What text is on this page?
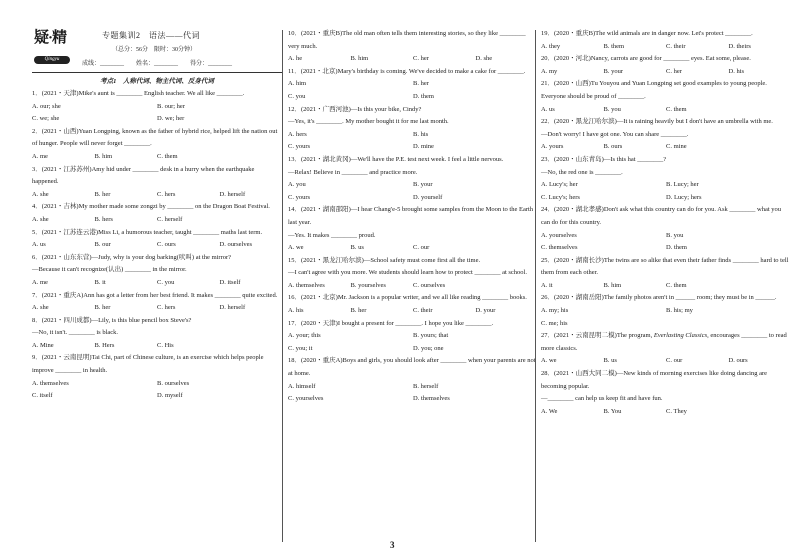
疑·精
Qingyu
专题集训2　语法——代词
（总分：56分　限时：30分钟）
成线：________　　姓名：________　　得分：________
考点1　人称代词、物主代词、反身代词
1．(2021・天津)Mike's aunt is ________ English teacher. We all like ________.
A. our; she	B. our; her
C. we; she	D. we; her
2．(2021・山西)Yuan Longping, known as the father of hybrid rice, helped lift the nation out of hunger. People will never forget ________.
A. me	B. him	C. them
3．(2021・江苏苏州)Amy hid under ________ desk in a hurry when the earthquake happened.
A. she	B. her	C. hers	D. herself
4．(2021・吉林)My mother made some zongzi by ________ on the Dragon Boat Festival.
A. she	B. hers	C. herself
5．(2021・江苏连云港)Miss Li, a humorous teacher, taught ________ maths last term.
A. us	B. our	C. ours	D. ourselves
6．(2021・山东东营)—Judy, why is your dog barking(吠叫) at the mirror?
—Because it can't recognize(认出) ________ in the mirror.
A. me	B. it	C. you	D. itself
7．(2021・重庆A)Ann has got a letter from her best friend. It makes ________ quite excited.
A. she	B. her	C. hers	D. herself
8．(2021・四川成都)—Lily, is this blue pencil box Steve's?
—No, it isn't. ________ is black.
A. Mine	B. Hers	C. His
9．(2021・云南昆明)Tai Chi, part of Chinese culture, is an exercise which helps people improve ________ in health.
A. themselves	B. ourselves
C. itself	D. myself
10．(2021・重庆B)The old man often tells them interesting stories, so they like ________ very much.
A. he	B. him	C. her	D. she
11．(2021・北京)Mary's birthday is coming. We've decided to make a cake for ________.
A. him	B. her
C. you	D. them
12．(2021・广西河池)—Is this your bike, Cindy?
—Yes, it's ________. My mother bought it for me last month.
A. hers	B. his
C. yours	D. mine
13．(2021・湖北黄冈)—We'll have the P.E. test next week. I feel a little nervous.
—Relax! Believe in ________ and practice more.
A. you	B. your
C. yours	D. yourself
14．(2021・湖南邵阳)—I hear Chang'e-5 brought some samples from the Moon to the Earth last year.
—Yes. It makes ________ proud.
A. we	B. us	C. our
15．(2021・黑龙江哈尔滨)—School safety must come first all the time.
—I can't agree with you more. We students should learn how to protect ________ at school.
A. themselves	B. yourselves	C. ourselves
16．(2021・北京)Mr. Jackson is a popular writer, and we all like reading ________ books.
A. his	B. her	C. their	D. your
17．(2020・天津)I bought a present for ________. I hope you like ________.
A. your; this	B. yours; that
C. you; it	D. you; one
18．(2020・重庆A)Boys and girls, you should look after ________ when your parents are not at home.
A. himself	B. herself
C. yourselves	D. themselves
19．(2020・重庆B)The wild animals are in danger now. Let's protect ________.
A. they	B. them	C. their	D. theirs
20．(2020・河北)Nancy, carrots are good for ________ eyes. Eat some, please.
A. my	B. your	C. her	D. his
21．(2020・山西)Tu Youyou and Yuan Longping set good examples to young people. Everyone should be proud of ________.
A. us	B. you	C. them
22．(2020・黑龙江哈尔滨)—It is raining heavily but I don't have an umbrella with me.
—Don't worry! I have got one. You can share ________.
A. yours	B. ours	C. mine
23．(2020・山东青岛)—Is this hat ________?
—No, the red one is ________.
A. Lucy's; her	B. Lucy; her
C. Lucy's; hers	D. Lucy; hers
24．(2020・湖北孝感)Don't ask what this country can do for you. Ask ________ what you can do for this country.
A. yourselves	B. you
C. themselves	D. them
25．(2020・湖南长沙)The twins are so alike that even their father finds ________ hard to tell them from each other.
A. it	B. him	C. them
26．(2020・湖南岳阳)The family photos aren't in ______ room; they must be in ______.
A. my; his	B. his; my
C. me; his
27．(2021・云南昆明二模)The program, Everlasting Classics, encourages ________ to read more classics.
A. we	B. us	C. our	D. ours
28．(2021・山西大同二模)—New kinds of morning exercises like doing dancing are becoming popular.
—________ can help us keep fit and have fun.
A. We	B. You	C. They
3
